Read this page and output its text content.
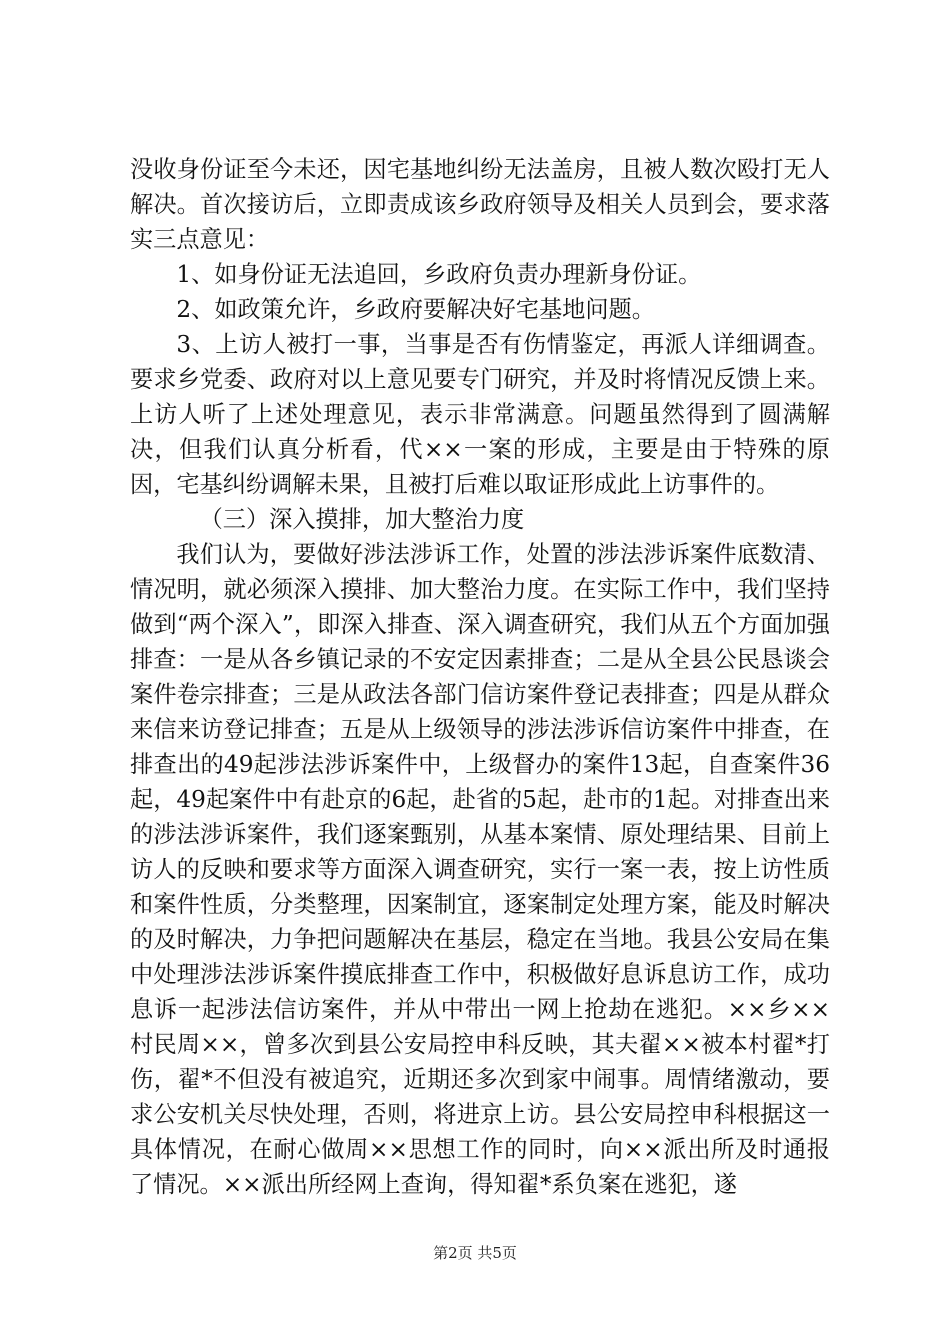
没收身份证至今未还，因宅基地纠纷无法盖房，且被人数次殴打无人解决。首次接访后，立即责成该乡政府领导及相关人员到会，要求落实三点意见：

1、如身份证无法追回，乡政府负责办理新身份证。

2、如政策允许，乡政府要解决好宅基地问题。

3、上访人被打一事，当事是否有伤情鉴定，再派人详细调查。要求乡党委、政府对以上意见要专门研究，并及时将情况反馈上来。上访人听了上述处理意见，表示非常满意。问题虽然得到了圆满解决，但我们认真分析看，代××一案的形成，主要是由于特殊的原因，宅基纠纷调解未果，且被打后难以取证形成此上访事件的。

（三）深入摸排，加大整治力度

我们认为，要做好涉法涉诉工作，处置的涉法涉诉案件底数清、情况明，就必须深入摸排、加大整治力度。在实际工作中，我们坚持做到“两个深入”，即深入排查、深入调查研究，我们从五个方面加强排查：一是从各乡镇记录的不安定因素排查；二是从全县公民恳谈会案件卷宗排查；三是从政法各部门信访案件登记表排查；四是从群众来信来访登记排查；五是从上级领导的涉法涉诉信访案件中排查，在排查出的49起涉法涉诉案件中，上级督办的案件13起，自查案件36起，49起案件中有赴京的6起，赴省的5起，赴市的1起。对排查出来的涉法涉诉案件，我们逐案甄别，从基本案情、原处理结果、目前上访人的反映和要求等方面深入调查研究，实行一案一表，按上访性质和案件性质，分类整理，因案制宜，逐案制定处理方案，能及时解决的及时解决，力争把问题解决在基层，稳定在当地。我县公安局在集中处理涉法涉诉案件摸底排查工作中，积极做好息诉息访工作，成功息诉一起涉法信访案件，并从中带出一网上抢劫在逃犯。××乡××村民周××，曾多次到县公安局控申科反映，其夫翟××被本村翟*打伤，翟*不但没有被追究，近期还多次到家中闹事。周情绪激动，要求公安机关尽快处理，否则，将进京上访。县公安局控申科根据这一具体情况，在耐心做周××思想工作的同时，向××派出所及时通报了情况。××派出所经网上查询，得知翟*系负案在逃犯，遂

第2页 共5页
